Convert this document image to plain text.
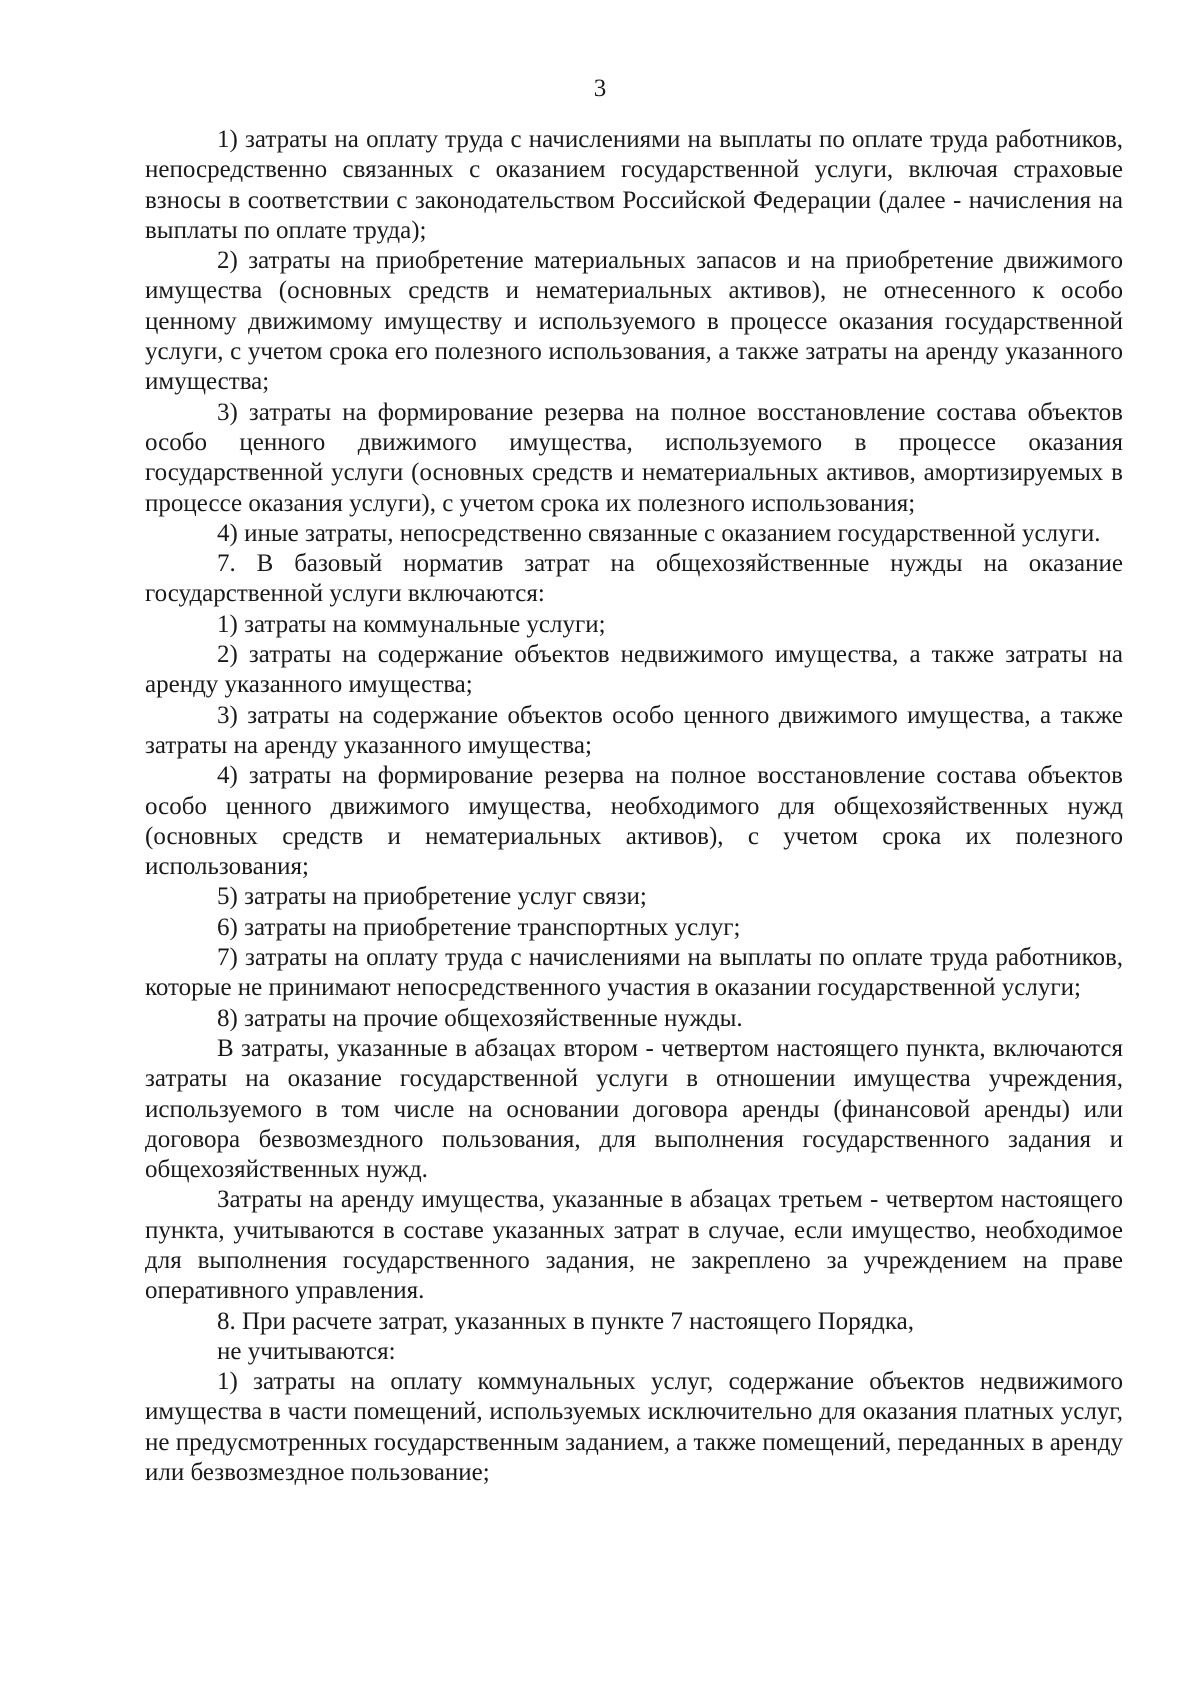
3

1) затраты на оплату труда с начислениями на выплаты по оплате труда работников, непосредственно связанных с оказанием государственной услуги, включая страховые взносы в соответствии с законодательством Российской Федерации (далее - начисления на выплаты по оплате труда);

2) затраты на приобретение материальных запасов и на приобретение движимого имущества (основных средств и нематериальных активов), не отнесенного к особо ценному движимому имуществу и используемого в процессе оказания государственной услуги, с учетом срока его полезного использования, а также затраты на аренду указанного имущества;

3) затраты на формирование резерва на полное восстановление состава объектов особо ценного движимого имущества, используемого в процессе оказания государственной услуги (основных средств и нематериальных активов, амортизируемых в процессе оказания услуги), с учетом срока их полезного использования;

4) иные затраты, непосредственно связанные с оказанием государственной услуги.

7. В базовый норматив затрат на общехозяйственные нужды на оказание государственной услуги включаются:

1) затраты на коммунальные услуги;

2) затраты на содержание объектов недвижимого имущества, а также затраты на аренду указанного имущества;

3) затраты на содержание объектов особо ценного движимого имущества, а также затраты на аренду указанного имущества;

4) затраты на формирование резерва на полное восстановление состава объектов особо ценного движимого имущества, необходимого для общехозяйственных нужд (основных средств и нематериальных активов), с учетом срока их полезного использования;

5) затраты на приобретение услуг связи;

6) затраты на приобретение транспортных услуг;

7) затраты на оплату труда с начислениями на выплаты по оплате труда работников, которые не принимают непосредственного участия в оказании государственной услуги;

8) затраты на прочие общехозяйственные нужды.

В затраты, указанные в абзацах втором - четвертом настоящего пункта, включаются затраты на оказание государственной услуги в отношении имущества учреждения, используемого в том числе на основании договора аренды (финансовой аренды) или договора безвозмездного пользования, для выполнения государственного задания и общехозяйственных нужд.

Затраты на аренду имущества, указанные в абзацах третьем - четвертом настоящего пункта, учитываются в составе указанных затрат в случае, если имущество, необходимое для выполнения государственного задания, не закреплено за учреждением на праве оперативного управления.

8. При расчете затрат, указанных в пункте 7 настоящего Порядка,

не учитываются:

1) затраты на оплату коммунальных услуг, содержание объектов недвижимого имущества в части помещений, используемых исключительно для оказания платных услуг, не предусмотренных государственным заданием, а также помещений, переданных в аренду или безвозмездное пользование;
